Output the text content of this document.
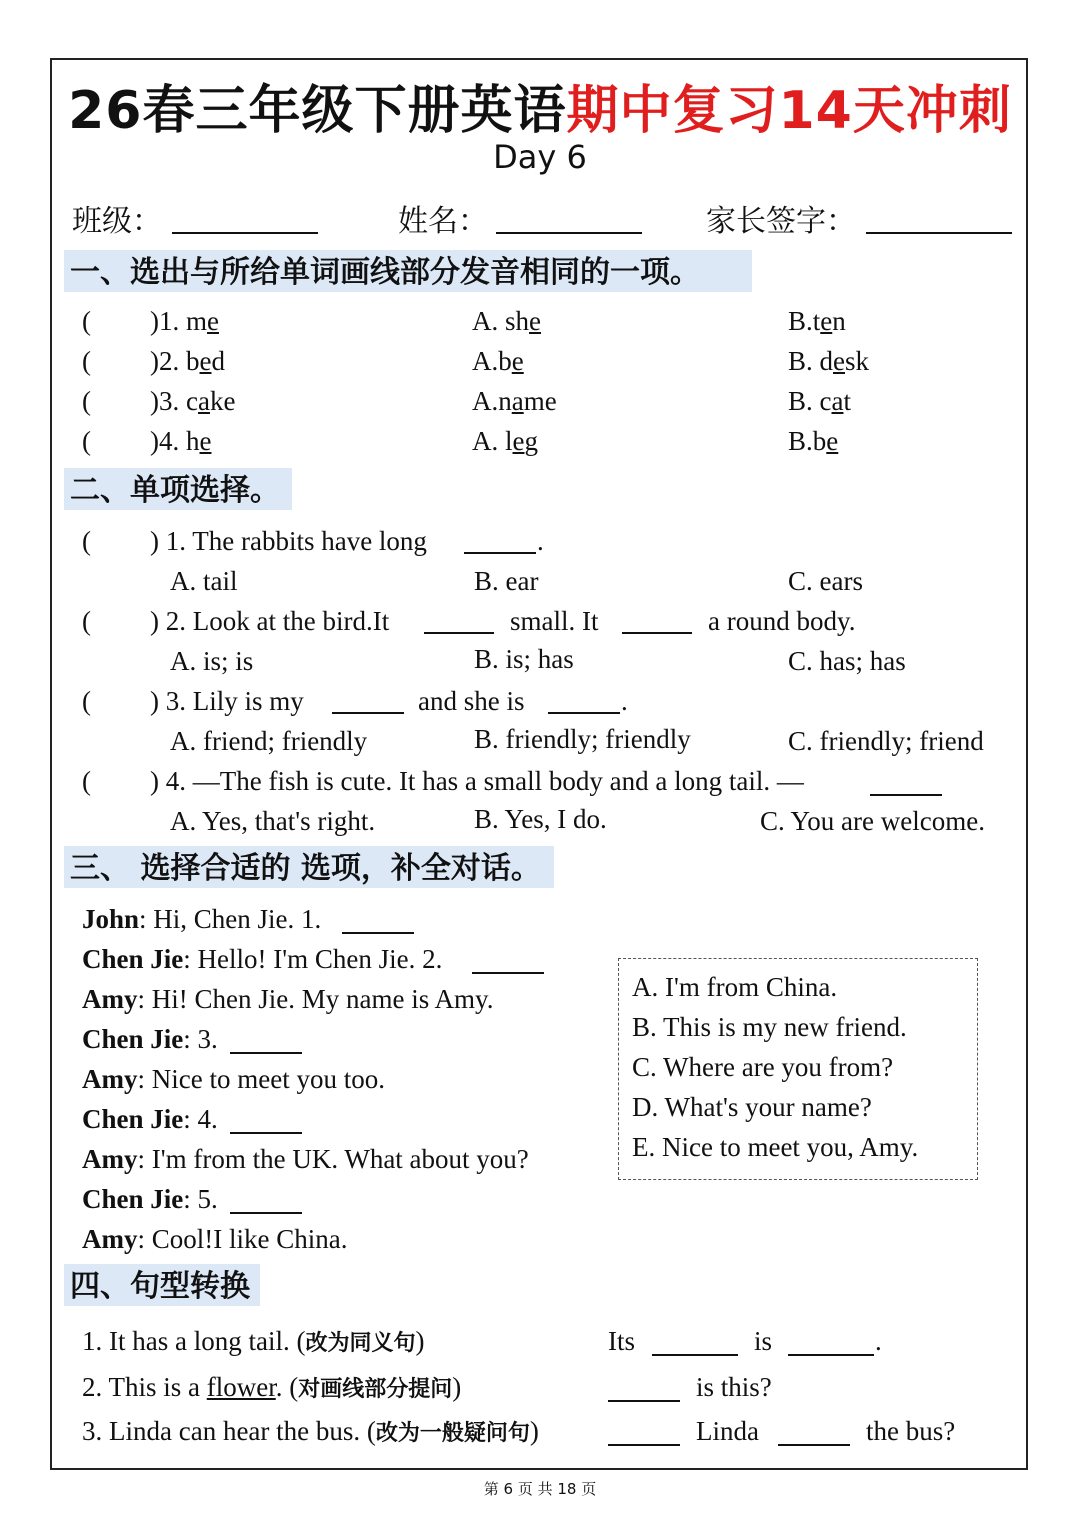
26春三年级下册英语期中复习14天冲刺
Day 6
班级：	姓名：	家长签字：
一、选出与所给单词画线部分发音相同的一项。
( )1. me	A. she	B.ten
( )2. bed	A.be	B. desk
( )3. cake	A.name	B. cat
( )4. he	A. leg	B.be
二、单项选择。
( ) 1. The rabbits have long	.
A. tail	B. ear	C. ears
( ) 2. Look at the bird.It	small. It	a round body.
A. is; is	B. is; has	C. has; has
( ) 3. Lily is my	and she is	.
A. friend; friendly	B. friendly; friendly	C. friendly; friend
( ) 4. —The fish is cute. It has a small body and a long tail. —
A. Yes, that's right.	B. Yes, I do.	C. You are welcome.
三、 选择合适的 选项，补全对话。
John: Hi, Chen Jie. 1.
Chen Jie: Hello! I'm Chen Jie. 2.
Amy: Hi! Chen Jie. My name is Amy.
Chen Jie: 3.
Amy: Nice to meet you too.
Chen Jie: 4.
Amy: I'm from the UK. What about you?
Chen Jie: 5.
Amy: Cool!I like China.
A. I'm from China.
B. This is my new friend.
C. Where are you from?
D. What's your name?
E. Nice to meet you, Amy.
四、句型转换
1. It has a long tail. (改为同义句)	Its	is	.
2. This is a flower. (对画线部分提问)	is this?
3. Linda can hear the bus. (改为一般疑问句)	Linda	the bus?
第 6 页 共 18 页
